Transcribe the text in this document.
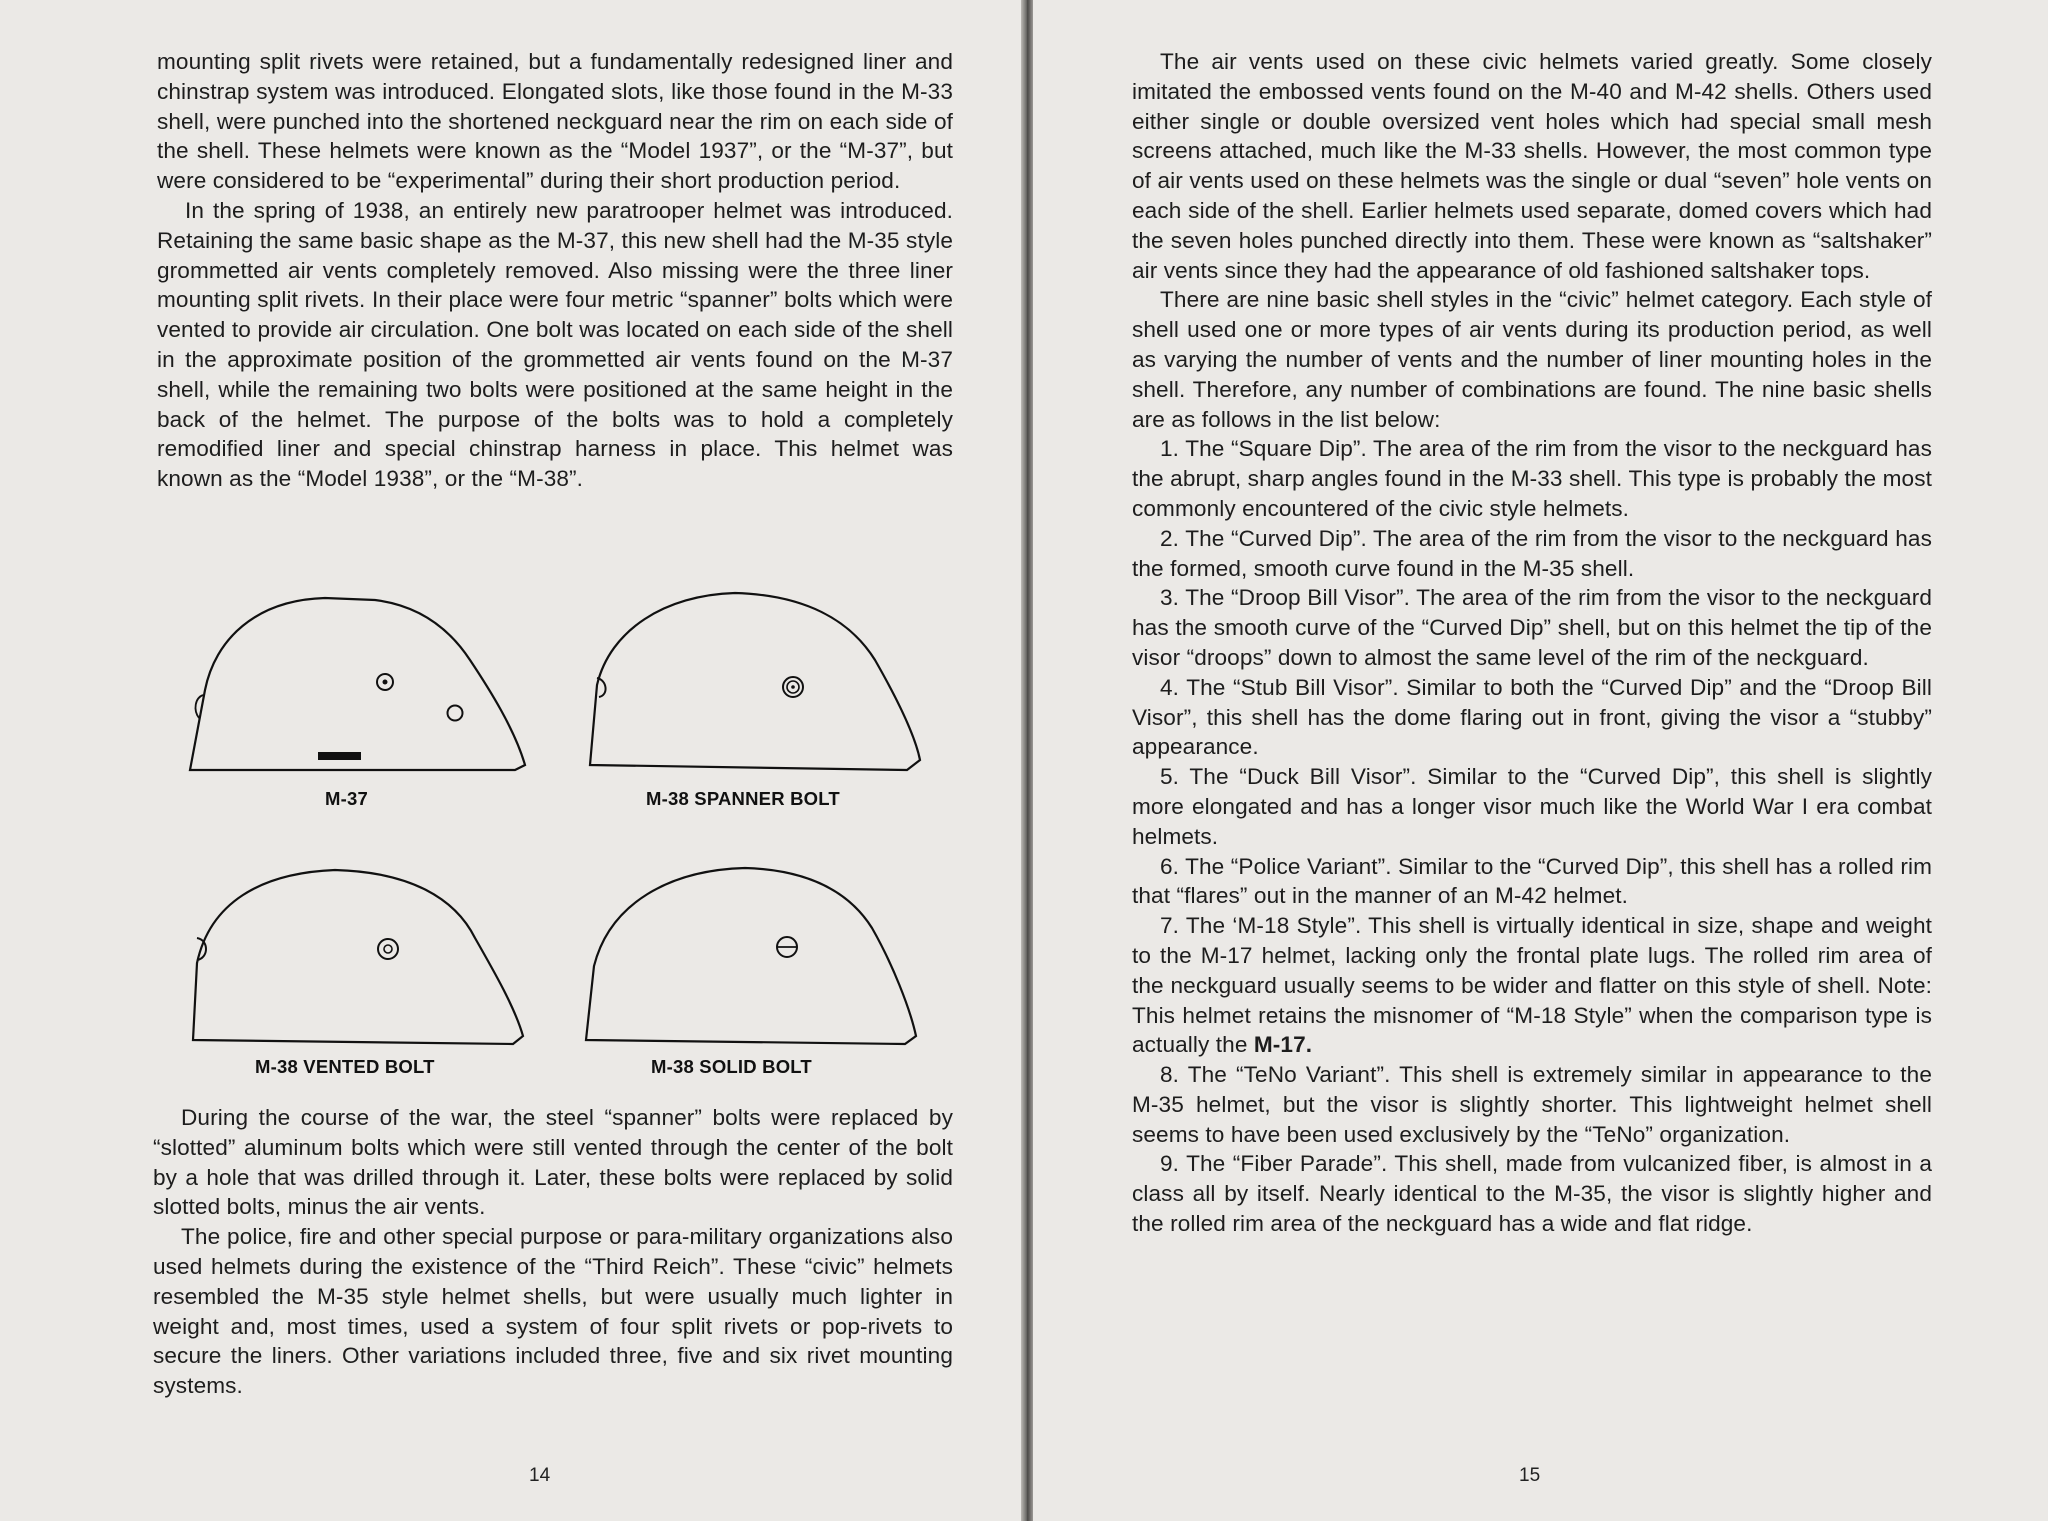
mounting split rivets were retained, but a fundamentally redesigned liner and chinstrap system was introduced. Elongated slots, like those found in the M-33 shell, were punched into the shortened neckguard near the rim on each side of the shell. These helmets were known as the “Model 1937”, or the “M-37”, but were considered to be “experimental” during their short production period.

In the spring of 1938, an entirely new paratrooper helmet was introduced. Retaining the same basic shape as the M-37, this new shell had the M-35 style grommetted air vents completely removed. Also missing were the three liner mounting split rivets. In their place were four metric “spanner” bolts which were vented to provide air circulation. One bolt was located on each side of the shell in the approximate position of the grommetted air vents found on the M-37 shell, while the remaining two bolts were positioned at the same height in the back of the helmet. The purpose of the bolts was to hold a completely remodified liner and special chinstrap harness in place. This helmet was known as the “Model 1938”, or the “M-38”.

M-37	M-38 SPANNER BOLT
M-38 VENTED BOLT	M-38 SOLID BOLT

During the course of the war, the steel “spanner” bolts were replaced by “slotted” aluminum bolts which were still vented through the center of the bolt by a hole that was drilled through it. Later, these bolts were replaced by solid slotted bolts, minus the air vents.

The police, fire and other special purpose or para-military organizations also used helmets during the existence of the “Third Reich”. These “civic” helmets resembled the M-35 style helmet shells, but were usually much lighter in weight and, most times, used a system of four split rivets or pop-rivets to secure the liners. Other variations included three, five and six rivet mounting systems.

14

The air vents used on these civic helmets varied greatly. Some closely imitated the embossed vents found on the M-40 and M-42 shells. Others used either single or double oversized vent holes which had special small mesh screens attached, much like the M-33 shells. However, the most common type of air vents used on these helmets was the single or dual “seven” hole vents on each side of the shell. Earlier helmets used separate, domed covers which had the seven holes punched directly into them. These were known as “saltshaker” air vents since they had the appearance of old fashioned saltshaker tops.

There are nine basic shell styles in the “civic” helmet category. Each style of shell used one or more types of air vents during its production period, as well as varying the number of vents and the number of liner mounting holes in the shell. Therefore, any number of combinations are found. The nine basic shells are as follows in the list below:

1. The “Square Dip”. The area of the rim from the visor to the neckguard has the abrupt, sharp angles found in the M-33 shell. This type is probably the most commonly encountered of the civic style helmets.

2. The “Curved Dip”. The area of the rim from the visor to the neckguard has the formed, smooth curve found in the M-35 shell.

3. The “Droop Bill Visor”. The area of the rim from the visor to the neckguard has the smooth curve of the “Curved Dip” shell, but on this helmet the tip of the visor “droops” down to almost the same level of the rim of the neckguard.

4. The “Stub Bill Visor”. Similar to both the “Curved Dip” and the “Droop Bill Visor”, this shell has the dome flaring out in front, giving the visor a “stubby” appearance.

5. The “Duck Bill Visor”. Similar to the “Curved Dip”, this shell is slightly more elongated and has a longer visor much like the World War I era combat helmets.

6. The “Police Variant”. Similar to the “Curved Dip”, this shell has a rolled rim that “flares” out in the manner of an M-42 helmet.

7. The ‘M-18 Style”. This shell is virtually identical in size, shape and weight to the M-17 helmet, lacking only the frontal plate lugs. The rolled rim area of the neckguard usually seems to be wider and flatter on this style of shell. Note: This helmet retains the misnomer of “M-18 Style” when the comparison type is actually the M-17.

8. The “TeNo Variant”. This shell is extremely similar in appearance to the M-35 helmet, but the visor is slightly shorter. This lightweight helmet shell seems to have been used exclusively by the “TeNo” organization.

9. The “Fiber Parade”. This shell, made from vulcanized fiber, is almost in a class all by itself. Nearly identical to the M-35, the visor is slightly higher and the rolled rim area of the neckguard has a wide and flat ridge.

15
